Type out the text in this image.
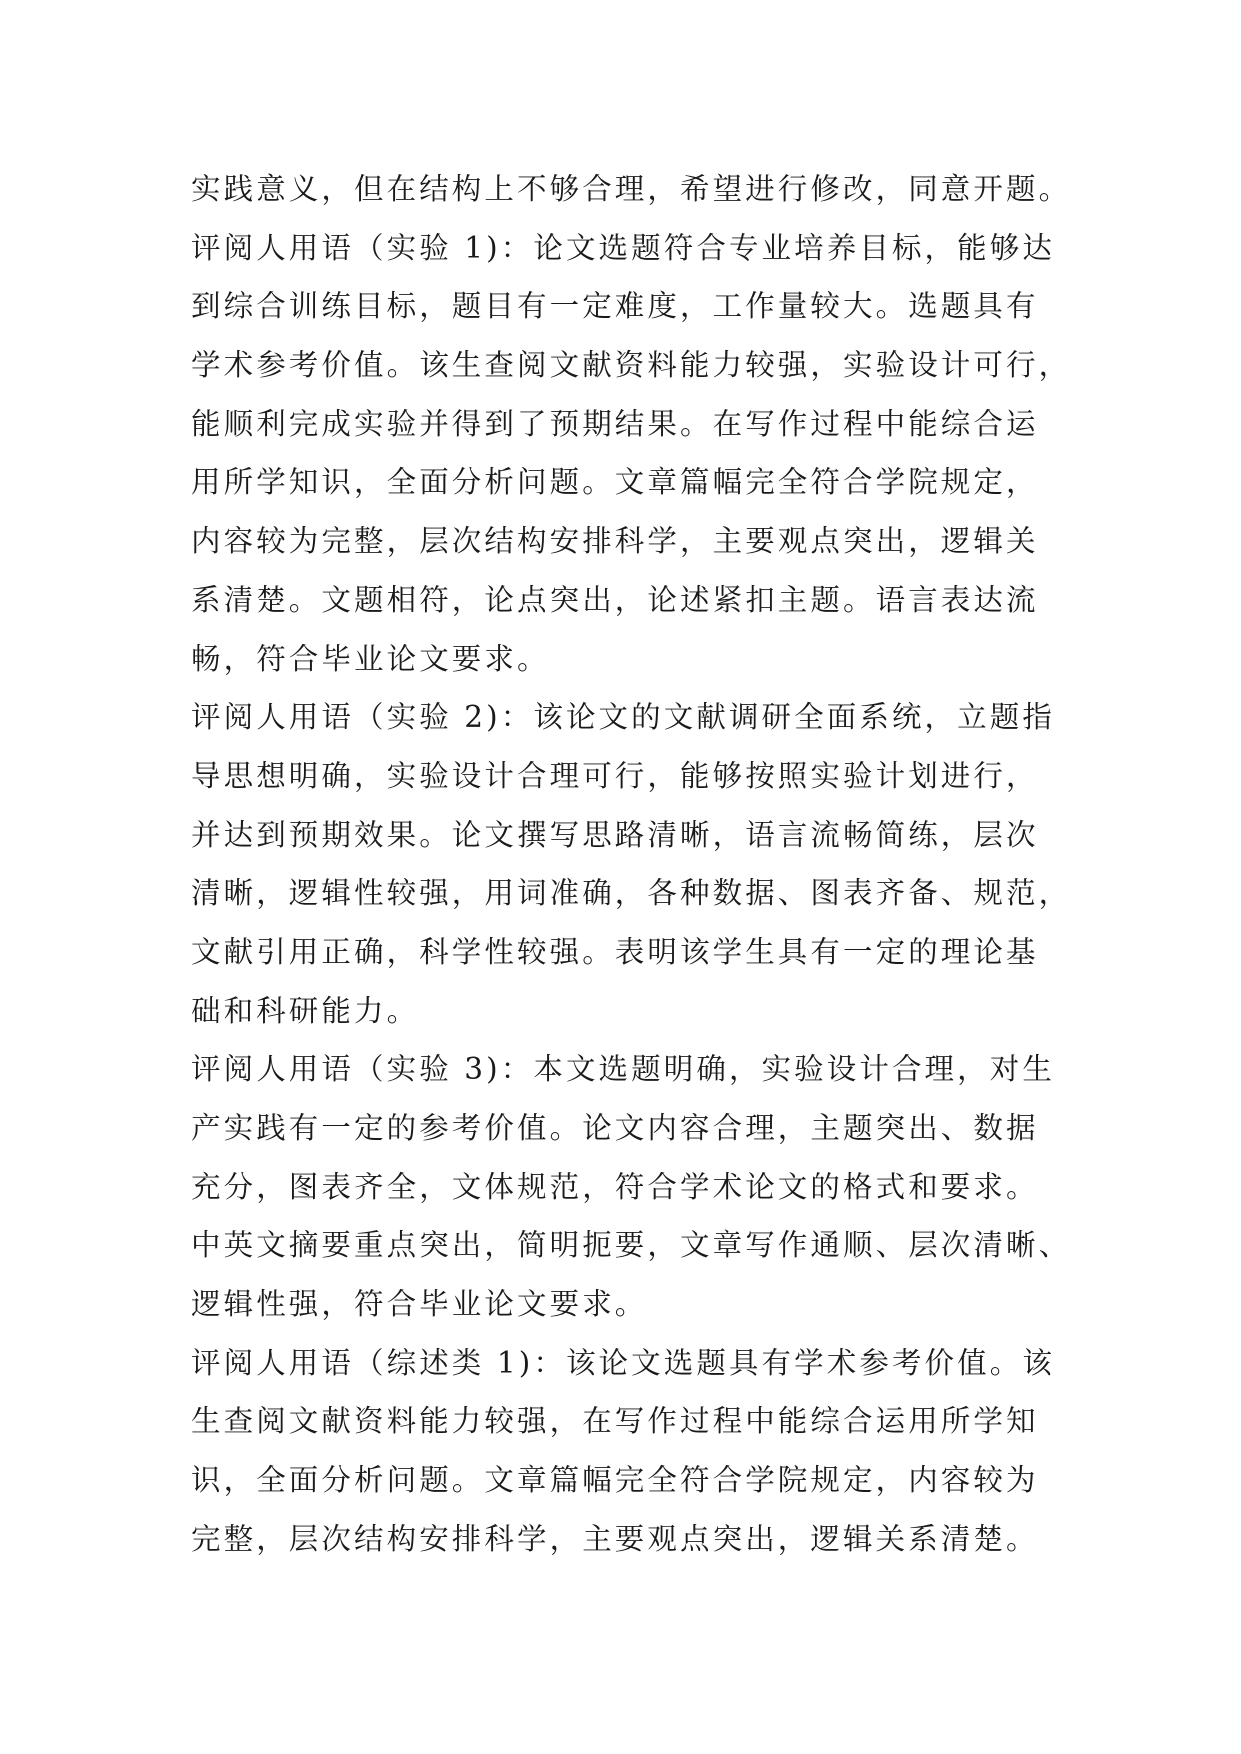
实践意义，但在结构上不够合理，希望进行修改，同意开题。
评阅人用语（实验 1)：论文选题符合专业培养目标，能够达
到综合训练目标，题目有一定难度，工作量较大。选题具有
学术参考价值。该生查阅文献资料能力较强，实验设计可行，
能顺利完成实验并得到了预期结果。在写作过程中能综合运
用所学知识，全面分析问题。文章篇幅完全符合学院规定，
内容较为完整，层次结构安排科学，主要观点突出，逻辑关
系清楚。文题相符，论点突出，论述紧扣主题。语言表达流
畅，符合毕业论文要求。
评阅人用语（实验 2)：该论文的文献调研全面系统，立题指
导思想明确，实验设计合理可行，能够按照实验计划进行，
并达到预期效果。论文撰写思路清晰，语言流畅简练，层次
清晰，逻辑性较强，用词准确，各种数据、图表齐备、规范，
文献引用正确，科学性较强。表明该学生具有一定的理论基
础和科研能力。
评阅人用语（实验 3)：本文选题明确，实验设计合理，对生
产实践有一定的参考价值。论文内容合理，主题突出、数据
充分，图表齐全，文体规范，符合学术论文的格式和要求。
中英文摘要重点突出，简明扼要，文章写作通顺、层次清晰、
逻辑性强，符合毕业论文要求。
评阅人用语（综述类 1)：该论文选题具有学术参考价值。该
生查阅文献资料能力较强，在写作过程中能综合运用所学知
识，全面分析问题。文章篇幅完全符合学院规定，内容较为
完整，层次结构安排科学，主要观点突出，逻辑关系清楚。
